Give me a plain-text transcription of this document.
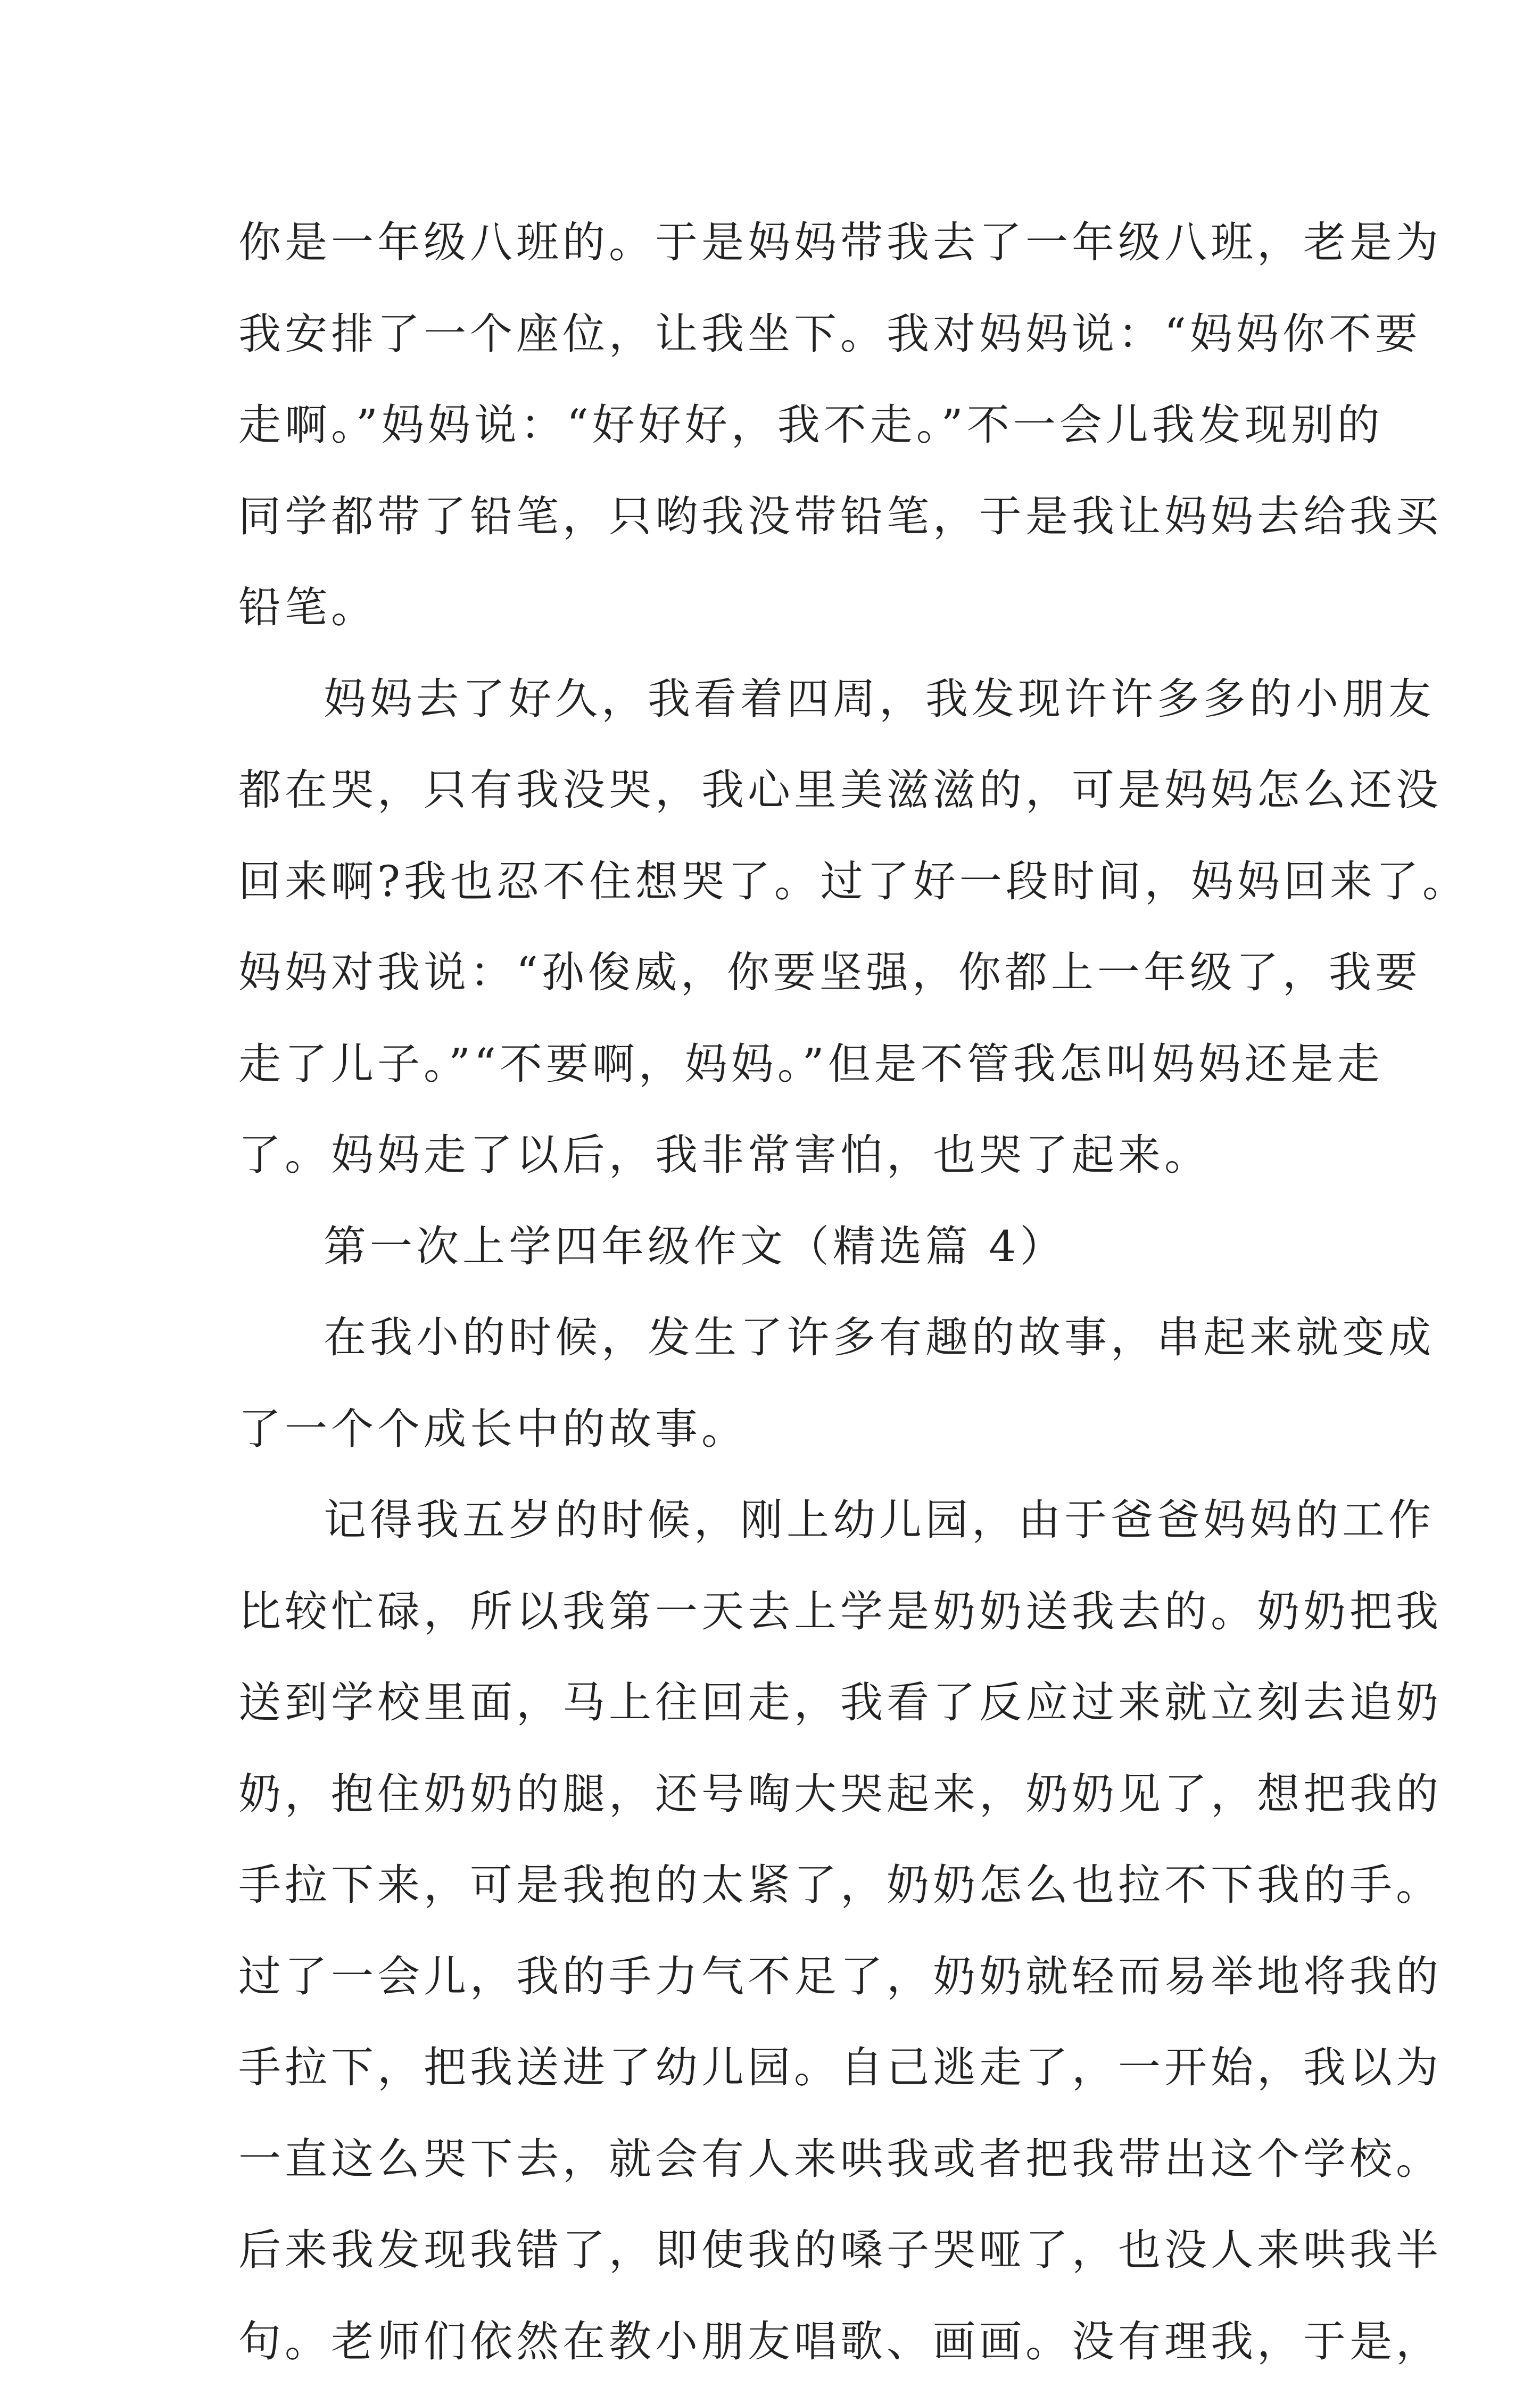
你是一年级八班的。于是妈妈带我去了一年级八班，老是为
我安排了一个座位，让我坐下。我对妈妈说：“妈妈你不要
走啊。”妈妈说：“好好好，我不走。”不一会儿我发现别的
同学都带了铅笔，只哟我没带铅笔，于是我让妈妈去给我买
铅笔。
妈妈去了好久，我看着四周，我发现许许多多的小朋友
都在哭，只有我没哭，我心里美滋滋的，可是妈妈怎么还没
回来啊?我也忍不住想哭了。过了好一段时间，妈妈回来了。
妈妈对我说：“孙俊威，你要坚强，你都上一年级了，我要
走了儿子。”“不要啊，妈妈。”但是不管我怎叫妈妈还是走
了。妈妈走了以后，我非常害怕，也哭了起来。
第一次上学四年级作文（精选篇 4）
在我小的时候，发生了许多有趣的故事，串起来就变成
了一个个成长中的故事。
记得我五岁的时候，刚上幼儿园，由于爸爸妈妈的工作
比较忙碌，所以我第一天去上学是奶奶送我去的。奶奶把我
送到学校里面，马上往回走，我看了反应过来就立刻去追奶
奶，抱住奶奶的腿，还号啕大哭起来，奶奶见了，想把我的
手拉下来，可是我抱的太紧了，奶奶怎么也拉不下我的手。
过了一会儿，我的手力气不足了，奶奶就轻而易举地将我的
手拉下，把我送进了幼儿园。自己逃走了，一开始，我以为
一直这么哭下去，就会有人来哄我或者把我带出这个学校。
后来我发现我错了，即使我的嗓子哭哑了，也没人来哄我半
句。老师们依然在教小朋友唱歌、画画。没有理我，于是，
